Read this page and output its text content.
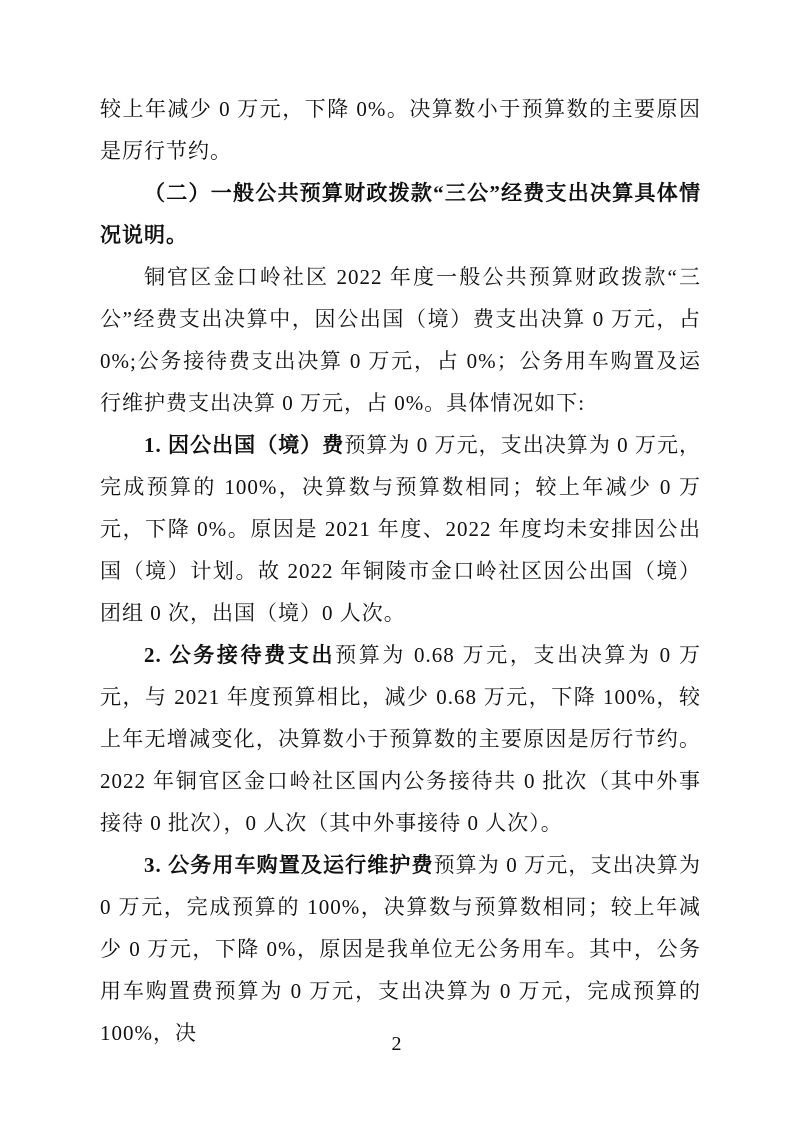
较上年减少 0 万元，下降 0%。决算数小于预算数的主要原因是厉行节约。

（二）一般公共预算财政拨款“三公”经费支出决算具体情况说明。

铜官区金口岭社区 2022 年度一般公共预算财政拨款“三公”经费支出决算中，因公出国（境）费支出决算 0 万元，占 0%;公务接待费支出决算 0 万元，占 0%；公务用车购置及运行维护费支出决算 0 万元，占 0%。具体情况如下:

1. 因公出国（境）费预算为 0 万元，支出决算为 0 万元，完成预算的 100%，决算数与预算数相同；较上年减少 0 万元，下降 0%。原因是 2021 年度、2022 年度均未安排因公出国（境）计划。故 2022 年铜陵市金口岭社区因公出国（境）团组 0 次，出国（境）0 人次。

2. 公务接待费支出预算为 0.68 万元，支出决算为 0 万元，与 2021 年度预算相比，减少 0.68 万元，下降 100%，较上年无增减变化，决算数小于预算数的主要原因是厉行节约。2022 年铜官区金口岭社区国内公务接待共 0 批次（其中外事接待 0 批次），0 人次（其中外事接待 0 人次）。

3. 公务用车购置及运行维护费预算为 0 万元，支出决算为 0 万元，完成预算的 100%，决算数与预算数相同；较上年减少 0 万元，下降 0%，原因是我单位无公务用车。其中，公务用车购置费预算为 0 万元，支出决算为 0 万元，完成预算的 100%，决	2
